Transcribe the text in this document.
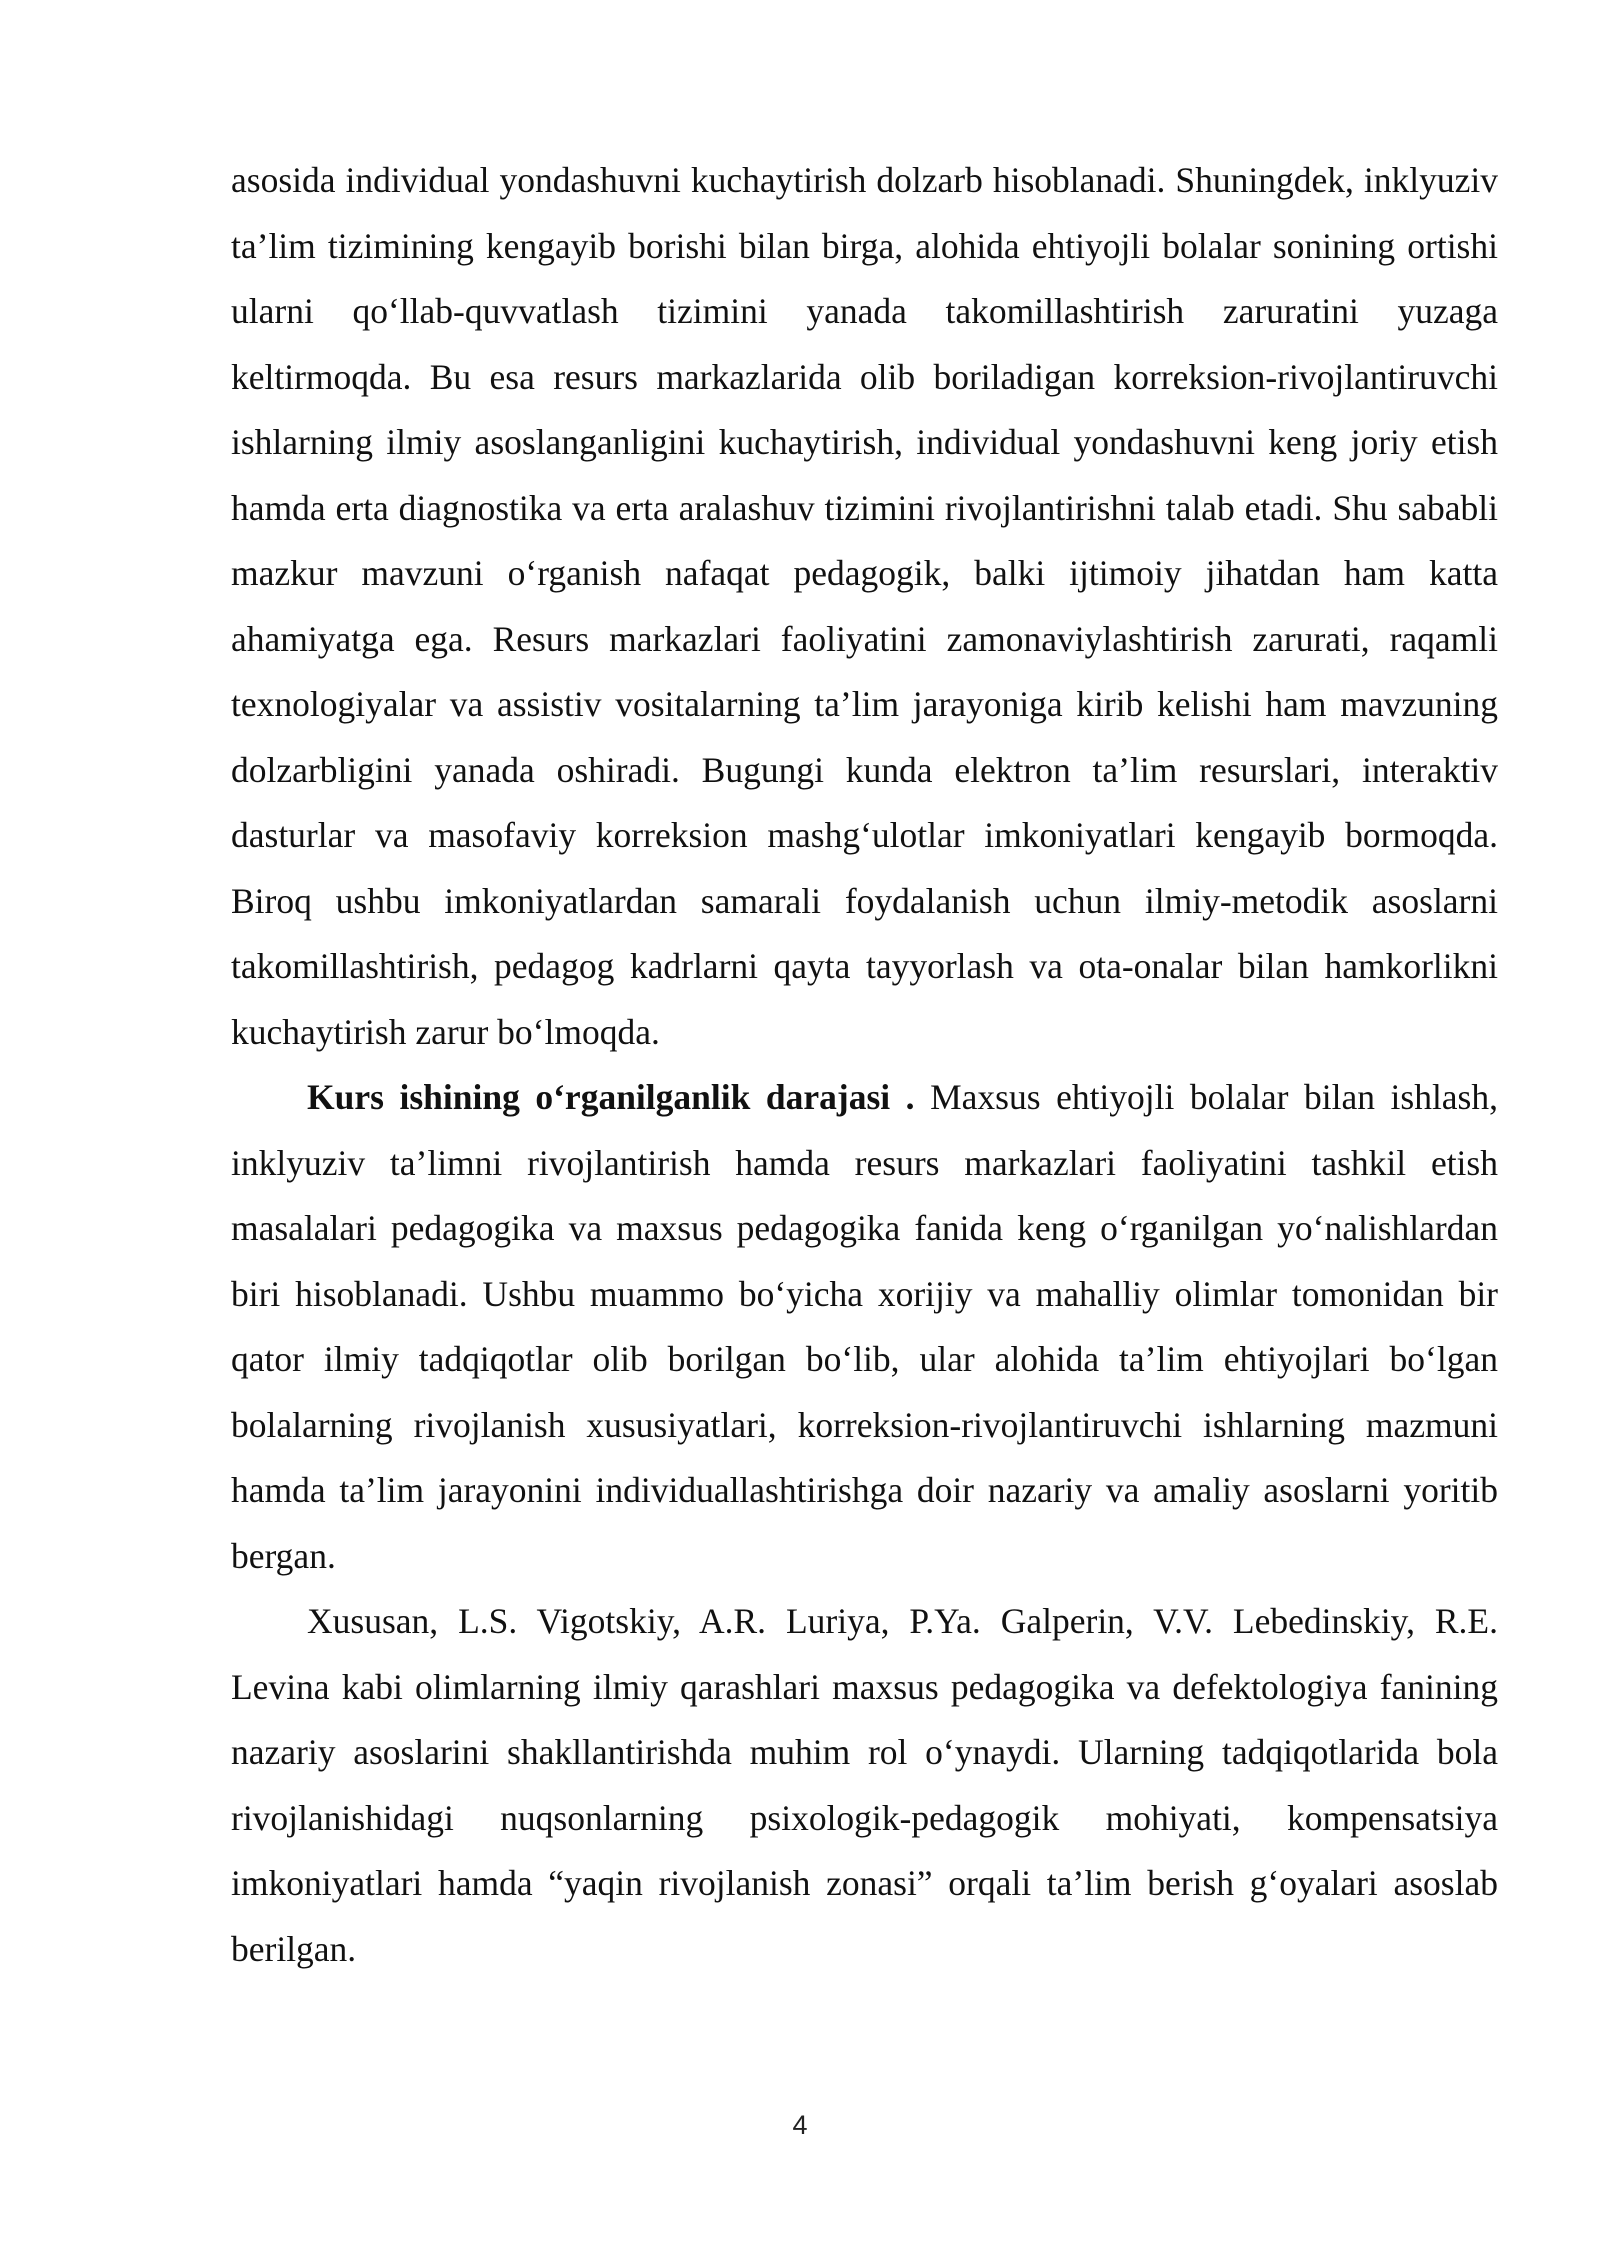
asosida individual yondashuvni kuchaytirish dolzarb hisoblanadi. Shuningdek, inklyuziv ta’lim tizimining kengayib borishi bilan birga, alohida ehtiyojli bolalar sonining ortishi ularni qo‘llab-quvvatlash tizimini yanada takomillashtirish zaruratini yuzaga keltirmoqda. Bu esa resurs markazlarida olib boriladigan korreksion-rivojlantiruvchi ishlarning ilmiy asoslanganligini kuchaytirish, individual yondashuvni keng joriy etish hamda erta diagnostika va erta aralashuv tizimini rivojlantirishni talab etadi. Shu sababli mazkur mavzuni o‘rganish nafaqat pedagogik, balki ijtimoiy jihatdan ham katta ahamiyatga ega. Resurs markazlari faoliyatini zamonaviylashtirish zarurati, raqamli texnologiyalar va assistiv vositalarning ta’lim jarayoniga kirib kelishi ham mavzuning dolzarbligini yanada oshiradi. Bugungi kunda elektron ta’lim resurslari, interaktiv dasturlar va masofaviy korreksion mashg‘ulotlar imkoniyatlari kengayib bormoqda. Biroq ushbu imkoniyatlardan samarali foydalanish uchun ilmiy-metodik asoslarni takomillashtirish, pedagog kadrlarni qayta tayyorlash va ota-onalar bilan hamkorlikni kuchaytirish zarur bo‘lmoqda.

Kurs ishining o‘rganilganlik darajasi . Maxsus ehtiyojli bolalar bilan ishlash, inklyuziv ta’limni rivojlantirish hamda resurs markazlari faoliyatini tashkil etish masalalari pedagogika va maxsus pedagogika fanida keng o‘rganilgan yo‘nalishlardan biri hisoblanadi. Ushbu muammo bo‘yicha xorijiy va mahalliy olimlar tomonidan bir qator ilmiy tadqiqotlar olib borilgan bo‘lib, ular alohida ta’lim ehtiyojlari bo‘lgan bolalarning rivojlanish xususiyatlari, korreksion-rivojlantiruvchi ishlarning mazmuni hamda ta’lim jarayonini individuallashtirishga doir nazariy va amaliy asoslarni yoritib bergan.

Xususan, L.S. Vigotskiy, A.R. Luriya, P.Ya. Galperin, V.V. Lebedinskiy, R.E. Levina kabi olimlarning ilmiy qarashlari maxsus pedagogika va defektologiya fanining nazariy asoslarini shakllantirishda muhim rol o‘ynaydi. Ularning tadqiqotlarida bola rivojlanishidagi nuqsonlarning psixologik-pedagogik mohiyati, kompensatsiya imkoniyatlari hamda “yaqin rivojlanish zonasi” orqali ta’lim berish g‘oyalari asoslab berilgan.

4
